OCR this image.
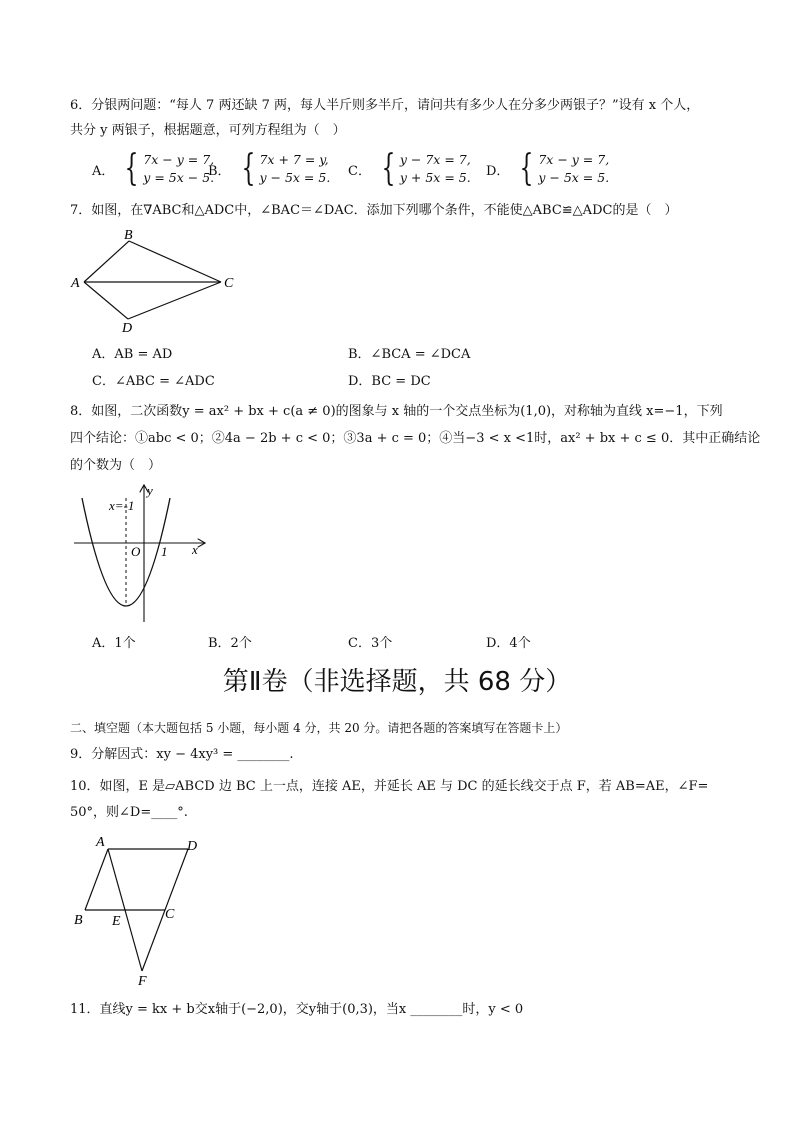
6．分银两问题：“每人 7 两还缺 7 两，每人半斤则多半斤，请问共有多少人在分多少两银子？”设有 x 个人，
共分 y 两银子，根据题意，可列方程组为（　）
A． { 7x − y = 7,
y = 5x − 5.
B． { 7x + 7 = y,
y − 5x = 5. C． { y − 7x = 7,
y + 5x = 5. D． { 7x − y = 7,
y − 5x = 5.
7．如图，在∇ABC和△ADC中，∠BAC＝∠DAC．添加下列哪个条件，不能使△ABC≌△ADC的是（　）
A
B
C
D
A．AB = AD	B．∠BCA = ∠DCA
C．∠ABC = ∠ADC	D．BC = DC
8．如图，二次函数y = ax² + bx + c(a ≠ 0)的图象与 x 轴的一个交点坐标为(1,0)，对称轴为直线 x=−1，下列
四个结论：①abc < 0；②4a − 2b + c < 0；③3a + c = 0；④当−3 < x <1时，ax² + bx + c ≤ 0．其中正确结论
的个数为（　）
x=-1
y
x
O 1
A．1个	B．2个	C．3个	D．4个
第Ⅱ卷（非选择题，共 68 分）
二、填空题（本大题包括 5 小题，每小题 4 分，共 20 分。请把各题的答案填写在答题卡上）
9．分解因式：xy − 4xy³ = ________.
10．如图，E 是▱ABCD 边 BC 上一点，连接 AE，并延长 AE 与 DC 的延长线交于点 F，若 AB=AE，∠F=
50°，则∠D=____°.
A	D
B E	C
F
11．直线y = kx + b交x轴于(−2,0)，交y轴于(0,3)，当x ________时，y < 0
